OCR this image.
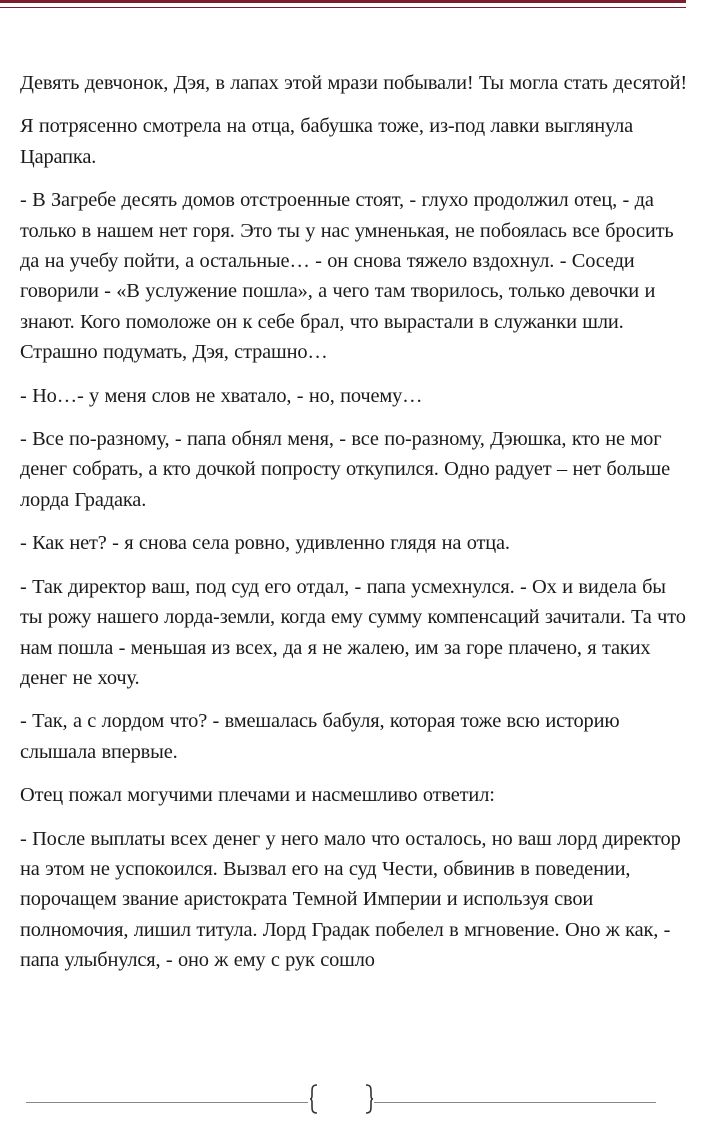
Девять девчонок, Дэя, в лапах этой мрази побывали! Ты могла стать десятой!

Я потрясенно смотрела на отца, бабушка тоже, из-под лавки выглянула Царапка.

- В Загребе десять домов отстроенные стоят, - глухо продолжил отец, - да только в нашем нет горя. Это ты у нас умненькая, не побоялась все бросить да на учебу пойти, а остальные… - он снова тяжело вздохнул. - Соседи говорили - «В услужение пошла», а чего там творилось, только девочки и знают. Кого помоложе он к себе брал, что вырастали в служанки шли. Страшно подумать, Дэя, страшно…

- Но…- у меня слов не хватало, - но, почему…

- Все по-разному, - папа обнял меня, - все по-разному, Дэюшка, кто не мог денег собрать, а кто дочкой попросту откупился. Одно радует – нет больше лорда Градака.

- Как нет? - я снова села ровно, удивленно глядя на отца.

- Так директор ваш, под суд его отдал, - папа усмехнулся. - Ох и видела бы ты рожу нашего лорда-земли, когда ему сумму компенсаций зачитали. Та что нам пошла - меньшая из всех, да я не жалею, им за горе плачено, я таких денег не хочу.

- Так, а с лордом что? - вмешалась бабуля, которая тоже всю историю слышала впервые.

Отец пожал могучими плечами и насмешливо ответил:

- После выплаты всех денег у него мало что осталось, но ваш лорд директор на этом не успокоился. Вызвал его на суд Чести, обвинив в поведении, порочащем звание аристократа Темной Империи и используя свои полномочия, лишил титула. Лорд Градак побелел в мгновение. Оно ж как, - папа улыбнулся, - оно ж ему с рук сошло
